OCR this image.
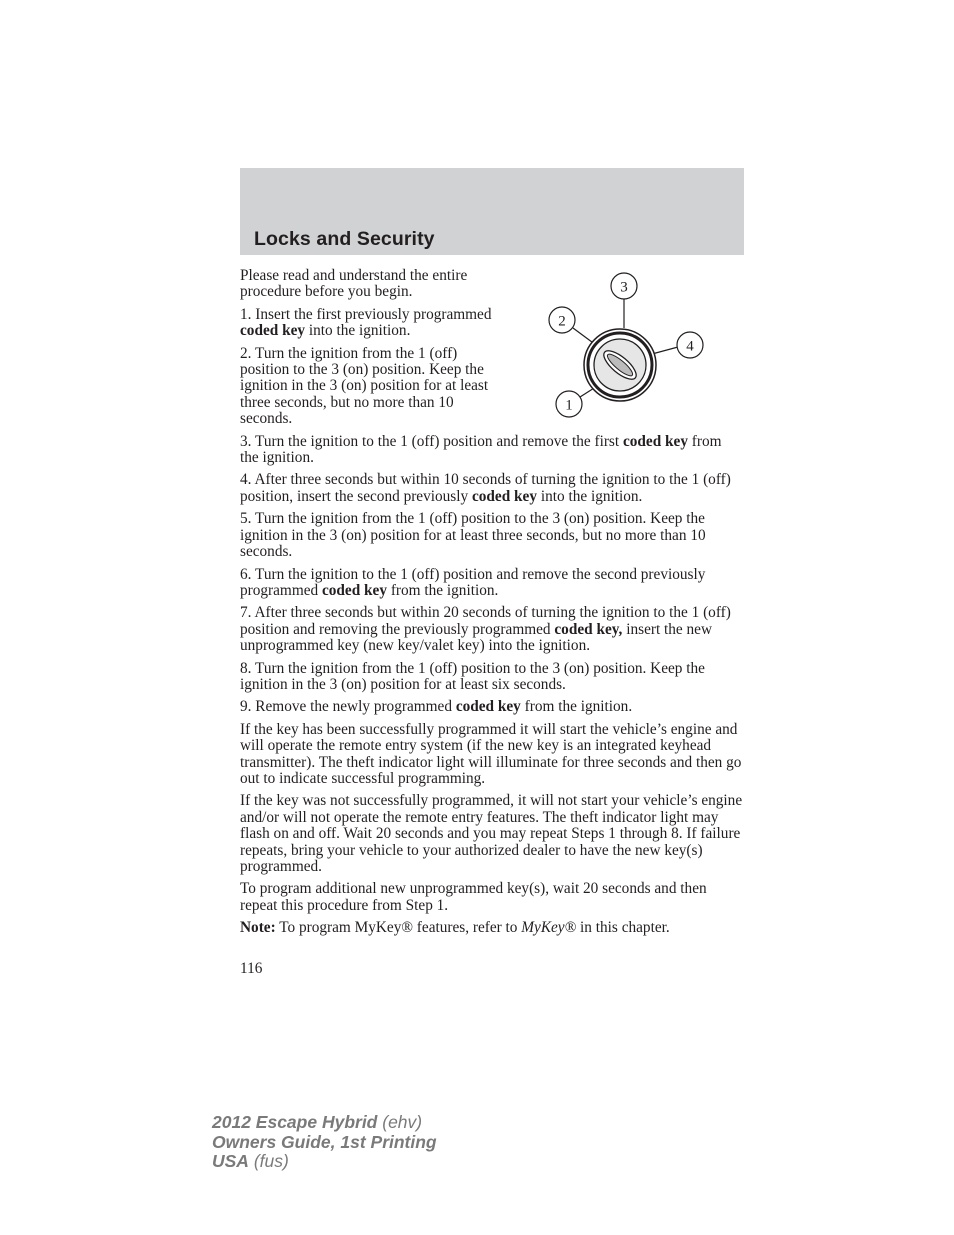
Locks and Security
3
2
4
1

Please read and understand the entire procedure before you begin.

1. Insert the first previously programmed coded key into the ignition.

2. Turn the ignition from the 1 (off) position to the 3 (on) position. Keep the ignition in the 3 (on) position for at least three seconds, but no more than 10 seconds.

3. Turn the ignition to the 1 (off) position and remove the first coded key from the ignition.

4. After three seconds but within 10 seconds of turning the ignition to the 1 (off) position, insert the second previously coded key into the ignition.

5. Turn the ignition from the 1 (off) position to the 3 (on) position. Keep the ignition in the 3 (on) position for at least three seconds, but no more than 10 seconds.

6. Turn the ignition to the 1 (off) position and remove the second previously programmed coded key from the ignition.

7. After three seconds but within 20 seconds of turning the ignition to the 1 (off) position and removing the previously programmed coded key, insert the new unprogrammed key (new key/valet key) into the ignition.

8. Turn the ignition from the 1 (off) position to the 3 (on) position. Keep the ignition in the 3 (on) position for at least six seconds.

9. Remove the newly programmed coded key from the ignition.

If the key has been successfully programmed it will start the vehicle’s engine and will operate the remote entry system (if the new key is an integrated keyhead transmitter). The theft indicator light will illuminate for three seconds and then go out to indicate successful programming.

If the key was not successfully programmed, it will not start your vehicle’s engine and/or will not operate the remote entry features. The theft indicator light may flash on and off. Wait 20 seconds and you may repeat Steps 1 through 8. If failure repeats, bring your vehicle to your authorized dealer to have the new key(s) programmed.

To program additional new unprogrammed key(s), wait 20 seconds and then repeat this procedure from Step 1.

Note: To program MyKey® features, refer to MyKey® in this chapter.

116
2012 Escape Hybrid (ehv)
Owners Guide, 1st Printing
USA (fus)
